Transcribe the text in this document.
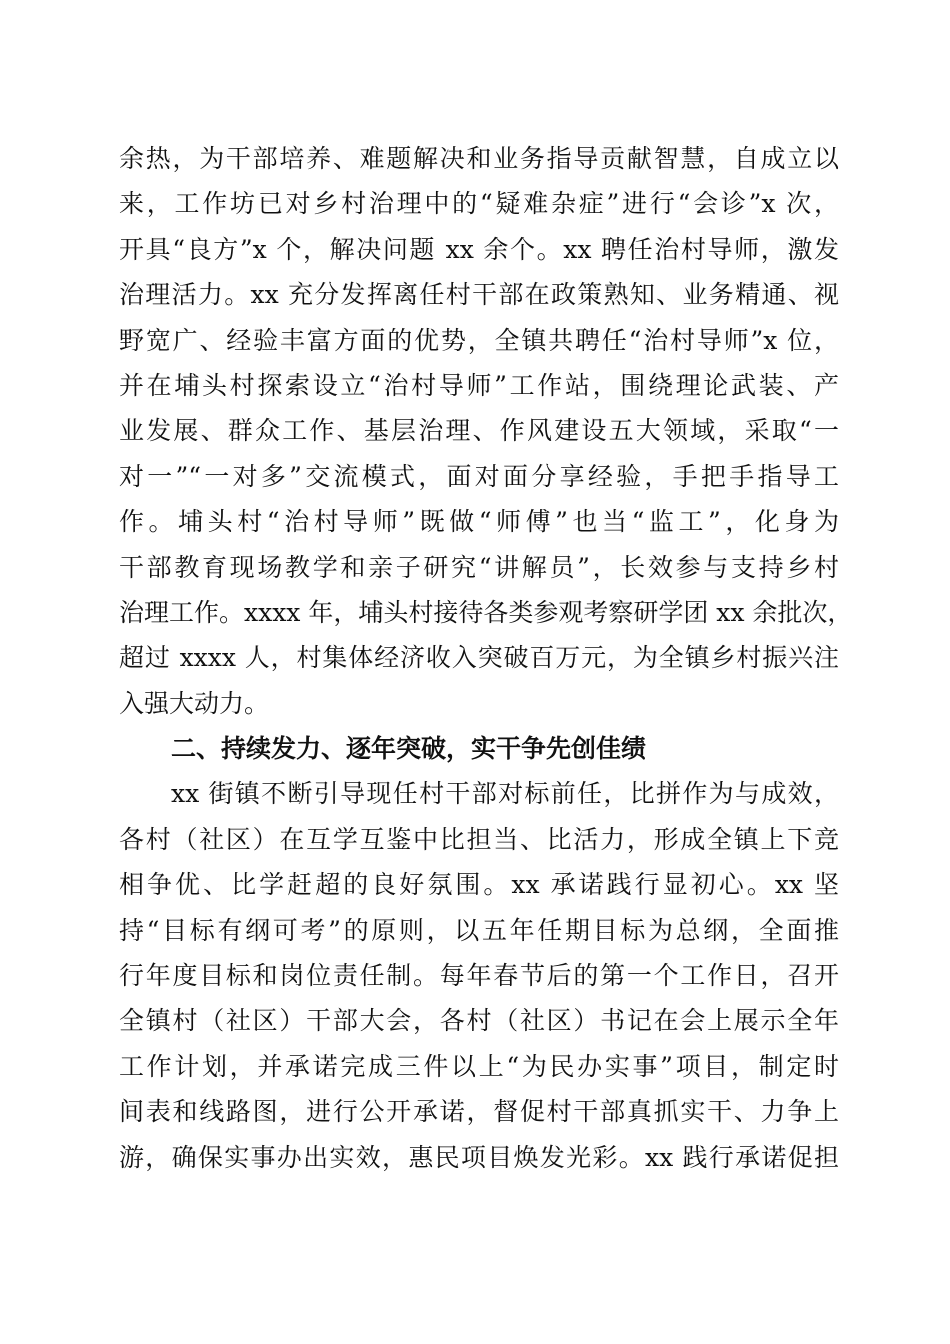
余热，为干部培养、难题解决和业务指导贡献智慧，自成立以
来，工作坊已对乡村治理中的“疑难杂症”进行“会诊”x 次，
开具“良方”x 个，解决问题 xx 余个。xx 聘任治村导师，激发
治理活力。xx 充分发挥离任村干部在政策熟知、业务精通、视
野宽广、经验丰富方面的优势，全镇共聘任“治村导师”x 位，
并在埔头村探索设立“治村导师”工作站，围绕理论武装、产
业发展、群众工作、基层治理、作风建设五大领域，采取“一
对一”“一对多”交流模式，面对面分享经验，手把手指导工
作。埔头村“治村导师”既做“师傅”也当“监工”，化身为
干部教育现场教学和亲子研究“讲解员”，长效参与支持乡村
治理工作。xxxx 年，埔头村接待各类参观考察研学团 xx 余批次，
超过 xxxx 人，村集体经济收入突破百万元，为全镇乡村振兴注
入强大动力。
二、持续发力、逐年突破，实干争先创佳绩
xx 街镇不断引导现任村干部对标前任，比拼作为与成效，
各村（社区）在互学互鉴中比担当、比活力，形成全镇上下竞
相争优、比学赶超的良好氛围。xx 承诺践行显初心。xx 坚
持“目标有纲可考”的原则，以五年任期目标为总纲，全面推
行年度目标和岗位责任制。每年春节后的第一个工作日，召开
全镇村（社区）干部大会，各村（社区）书记在会上展示全年
工作计划，并承诺完成三件以上“为民办实事”项目，制定时
间表和线路图，进行公开承诺，督促村干部真抓实干、力争上
游，确保实事办出实效，惠民项目焕发光彩。xx 践行承诺促担
